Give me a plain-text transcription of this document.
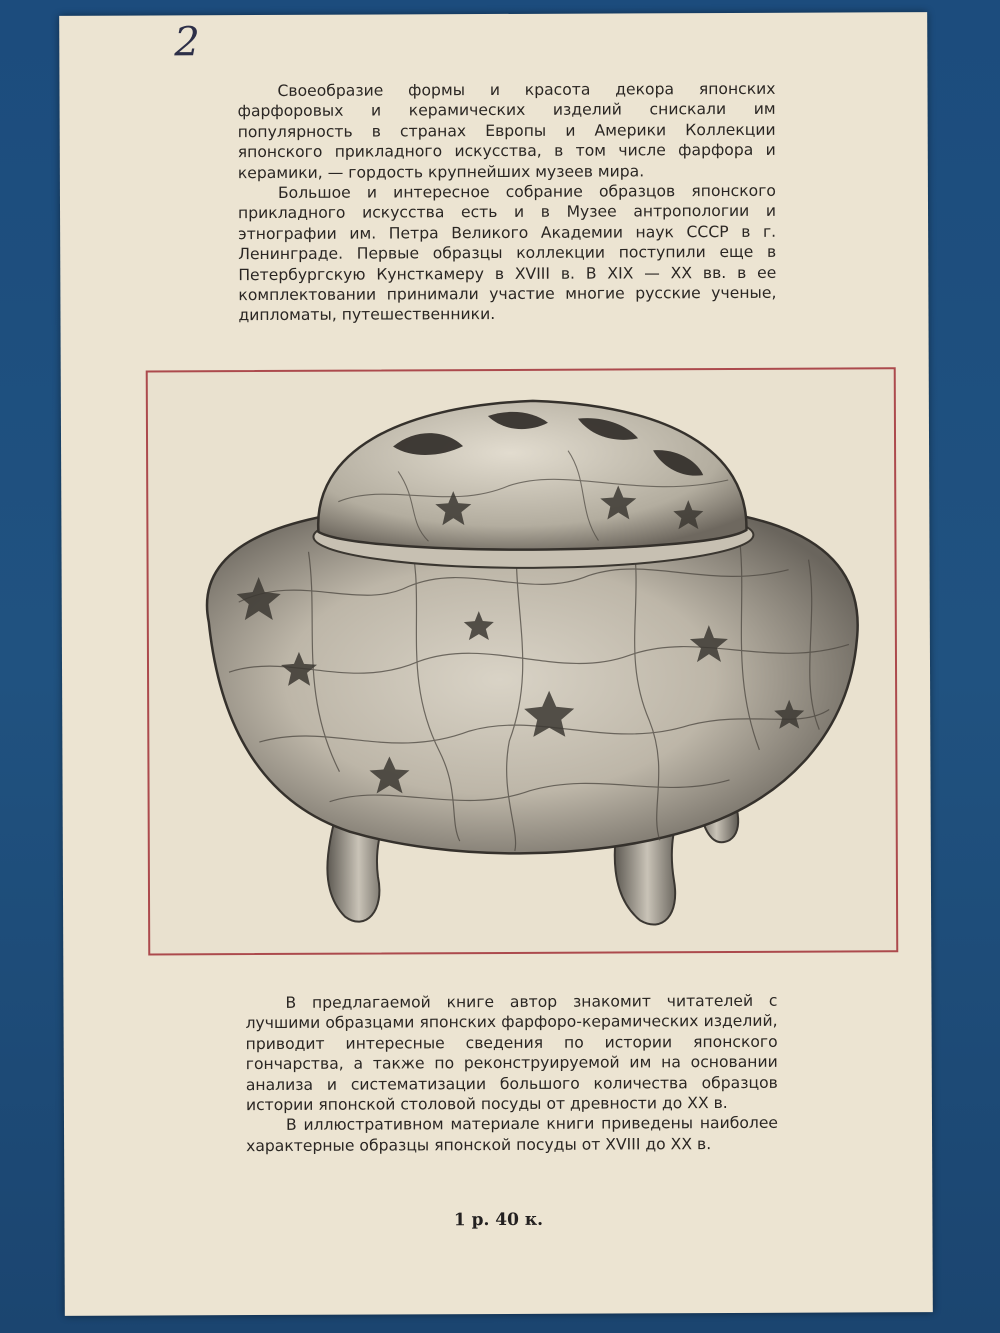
2

Своеобразие формы и красота декора японских фарфоровых и керамических изделий снискали им популярность в странах Европы и Америки Коллекции японского прикладного искусства, в том числе фарфора и керамики, — гордость крупнейших музеев мира.

Большое и интересное собрание образцов японского прикладного искусства есть и в Музее антропологии и этнографии им. Петра Великого Академии наук СССР в г. Ленинграде. Первые образцы коллекции поступили еще в Петербургскую Кунсткамеру в XVIII в. В XIX — XX вв. в ее комплектовании принимали участие многие русские ученые, дипломаты, путешественники.

В предлагаемой книге автор знакомит читателей с лучшими образцами японских фарфоро-керамических изделий, приводит интересные сведения по истории японского гончарства, а также по реконструируемой им на основании анализа и систематизации большого количества образцов истории японской столовой посуды от древности до XX в.

В иллюстративном материале книги приведены наиболее характерные образцы японской посуды от XVIII до XX в.

1 р. 40 к.
